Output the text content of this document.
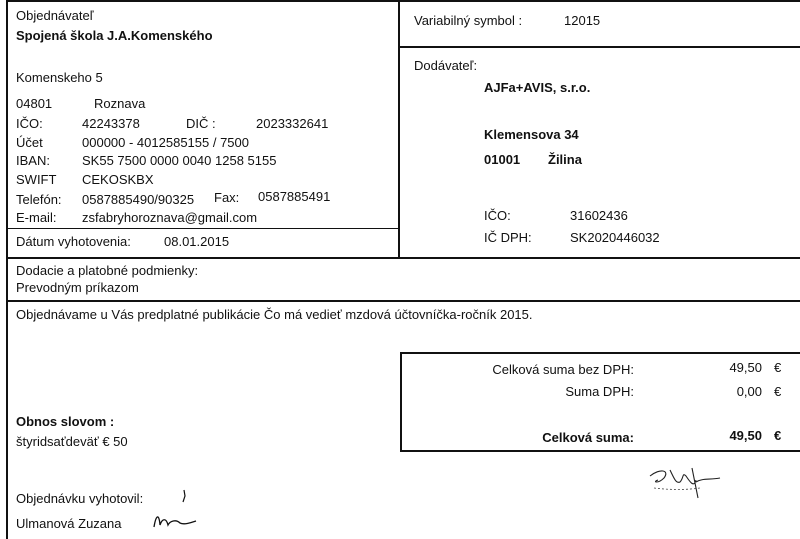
Objednávateľ
Spojená škola J.A.Komenského
Komenskeho 5
04801	Roznava
IČO:	42243378	DIČ :	2023332641
Účet	000000 - 4012585155 / 7500
IBAN: SK55 7500 0000 0040 1258 5155
SWIFT CEKOSKBX
Telefón: 0587885490/90325 Fax: 0587885491
E-mail: zsfabryhoroznava@gmail.com
Dátum vyhotovenia:	08.01.2015
Variabilný symbol :	12015
Dodávateľ:
AJFa+AVIS, s.r.o.
Klemensova 34
01001 Žilina
IČO:	31602436
IČ DPH:	SK2020446032
Dodacie a platobné podmienky:
Prevodným príkazom
Objednávame u Vás predplatné publikácie Čo má vedieť mzdová účtovníčka-ročník 2015.
Celková suma bez DPH:	49,50 €
Suma DPH:	0,00 €
Celková suma:	49,50 €
Obnos slovom :
štyridsaťdeväť € 50
Objednávku vyhotovil:
Ulmanová Zuzana
